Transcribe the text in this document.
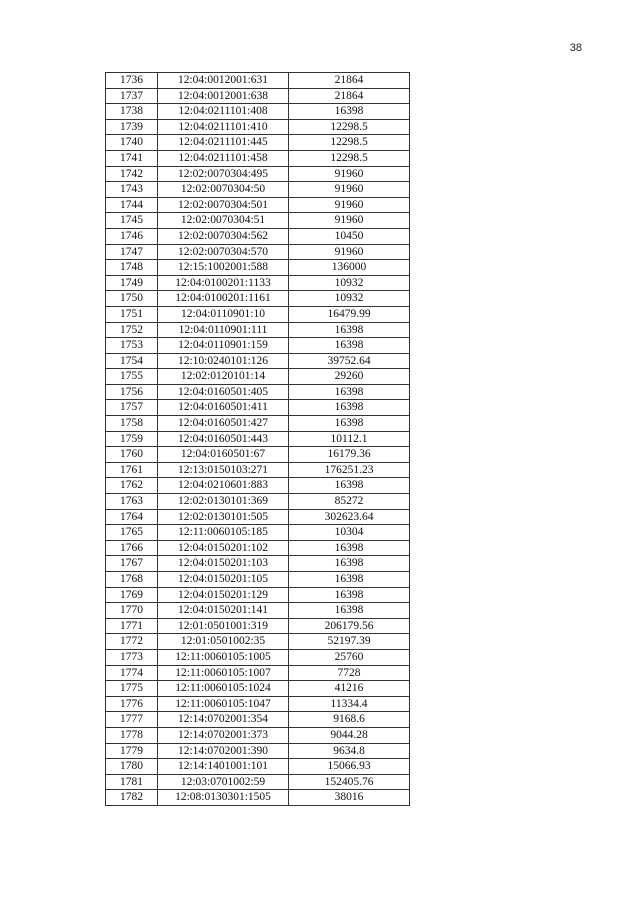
38
1736	12:04:0012001:631	21864
1737	12:04:0012001:638	21864
1738	12:04:0211101:408	16398
1739	12:04:0211101:410	12298.5
1740	12:04:0211101:445	12298.5
1741	12:04:0211101:458	12298.5
1742	12:02:0070304:495	91960
1743	12:02:0070304:50	91960
1744	12:02:0070304:501	91960
1745	12:02:0070304:51	91960
1746	12:02:0070304:562	10450
1747	12:02:0070304:570	91960
1748	12:15:1002001:588	136000
1749	12:04:0100201:1133	10932
1750	12:04:0100201:1161	10932
1751	12:04:0110901:10	16479.99
1752	12:04:0110901:111	16398
1753	12:04:0110901:159	16398
1754	12:10:0240101:126	39752.64
1755	12:02:0120101:14	29260
1756	12:04:0160501:405	16398
1757	12:04:0160501:411	16398
1758	12:04:0160501:427	16398
1759	12:04:0160501:443	10112.1
1760	12:04:0160501:67	16179.36
1761	12:13:0150103:271	176251.23
1762	12:04:0210601:883	16398
1763	12:02:0130101:369	85272
1764	12:02:0130101:505	302623.64
1765	12:11:0060105:185	10304
1766	12:04:0150201:102	16398
1767	12:04:0150201:103	16398
1768	12:04:0150201:105	16398
1769	12:04:0150201:129	16398
1770	12:04:0150201:141	16398
1771	12:01:0501001:319	206179.56
1772	12:01:0501002:35	52197.39
1773	12:11:0060105:1005	25760
1774	12:11:0060105:1007	7728
1775	12:11:0060105:1024	41216
1776	12:11:0060105:1047	11334.4
1777	12:14:0702001:354	9168.6
1778	12:14:0702001:373	9044.28
1779	12:14:0702001:390	9634.8
1780	12:14:1401001:101	15066.93
1781	12:03:0701002:59	152405.76
1782	12:08:0130301:1505	38016
